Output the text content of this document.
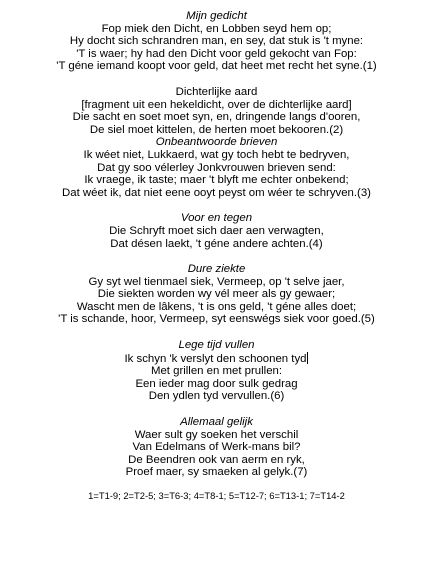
Mijn gedicht
Fop miek den Dicht, en Lobben seyd hem op;
Hy docht sich schrandren man, en sey, dat stuk is 't myne:
'T is waer; hy had den Dicht voor geld gekocht van Fop:
'T géne iemand koopt voor geld, dat heet met recht het syne.(1)
Dichterlijke aard
[fragment uit een hekeldicht, over de dichterlijke aard]
Die sacht en soet moet syn, en, dringende langs d'ooren,
De siel moet kittelen, de herten moet bekooren.(2)
Onbeantwoorde brieven
Ik wéet niet, Lukkaerd, wat gy toch hebt te bedryven,
Dat gy soo vélerley Jonkvrouwen brieven send:
Ik vraege, ik taste; maer 't blyft me echter onbekend;
Dat wéet ik, dat niet eene ooyt peyst om wéer te schryven.(3)
Voor en tegen
Die Schryft moet sich daer aen verwagten,
Dat désen laekt, 't géne andere achten.(4)
Dure ziekte
Gy syt wel tienmael siek, Vermeep, op 't selve jaer,
Die siekten worden wy vél meer als gy gewaer;
Wascht men de lâkens, 't is ons geld, 't géne alles doet;
'T is schande, hoor, Vermeep, syt eenswégs siek voor goed.(5)
Lege tijd vullen
Ik schyn 'k verslyt den schoonen tyd
Met grillen en met prullen:
Een ieder mag door sulk gedrag
Den ydlen tyd vervullen.(6)
Allemaal gelijk
Waer sult gy soeken het verschil
Van Edelmans of Werk-mans bil?
De Beendren ook van aerm en ryk,
Proef maer, sy smaeken al gelyk.(7)
1=T1-9; 2=T2-5; 3=T6-3; 4=T8-1; 5=T12-7; 6=T13-1; 7=T14-2
